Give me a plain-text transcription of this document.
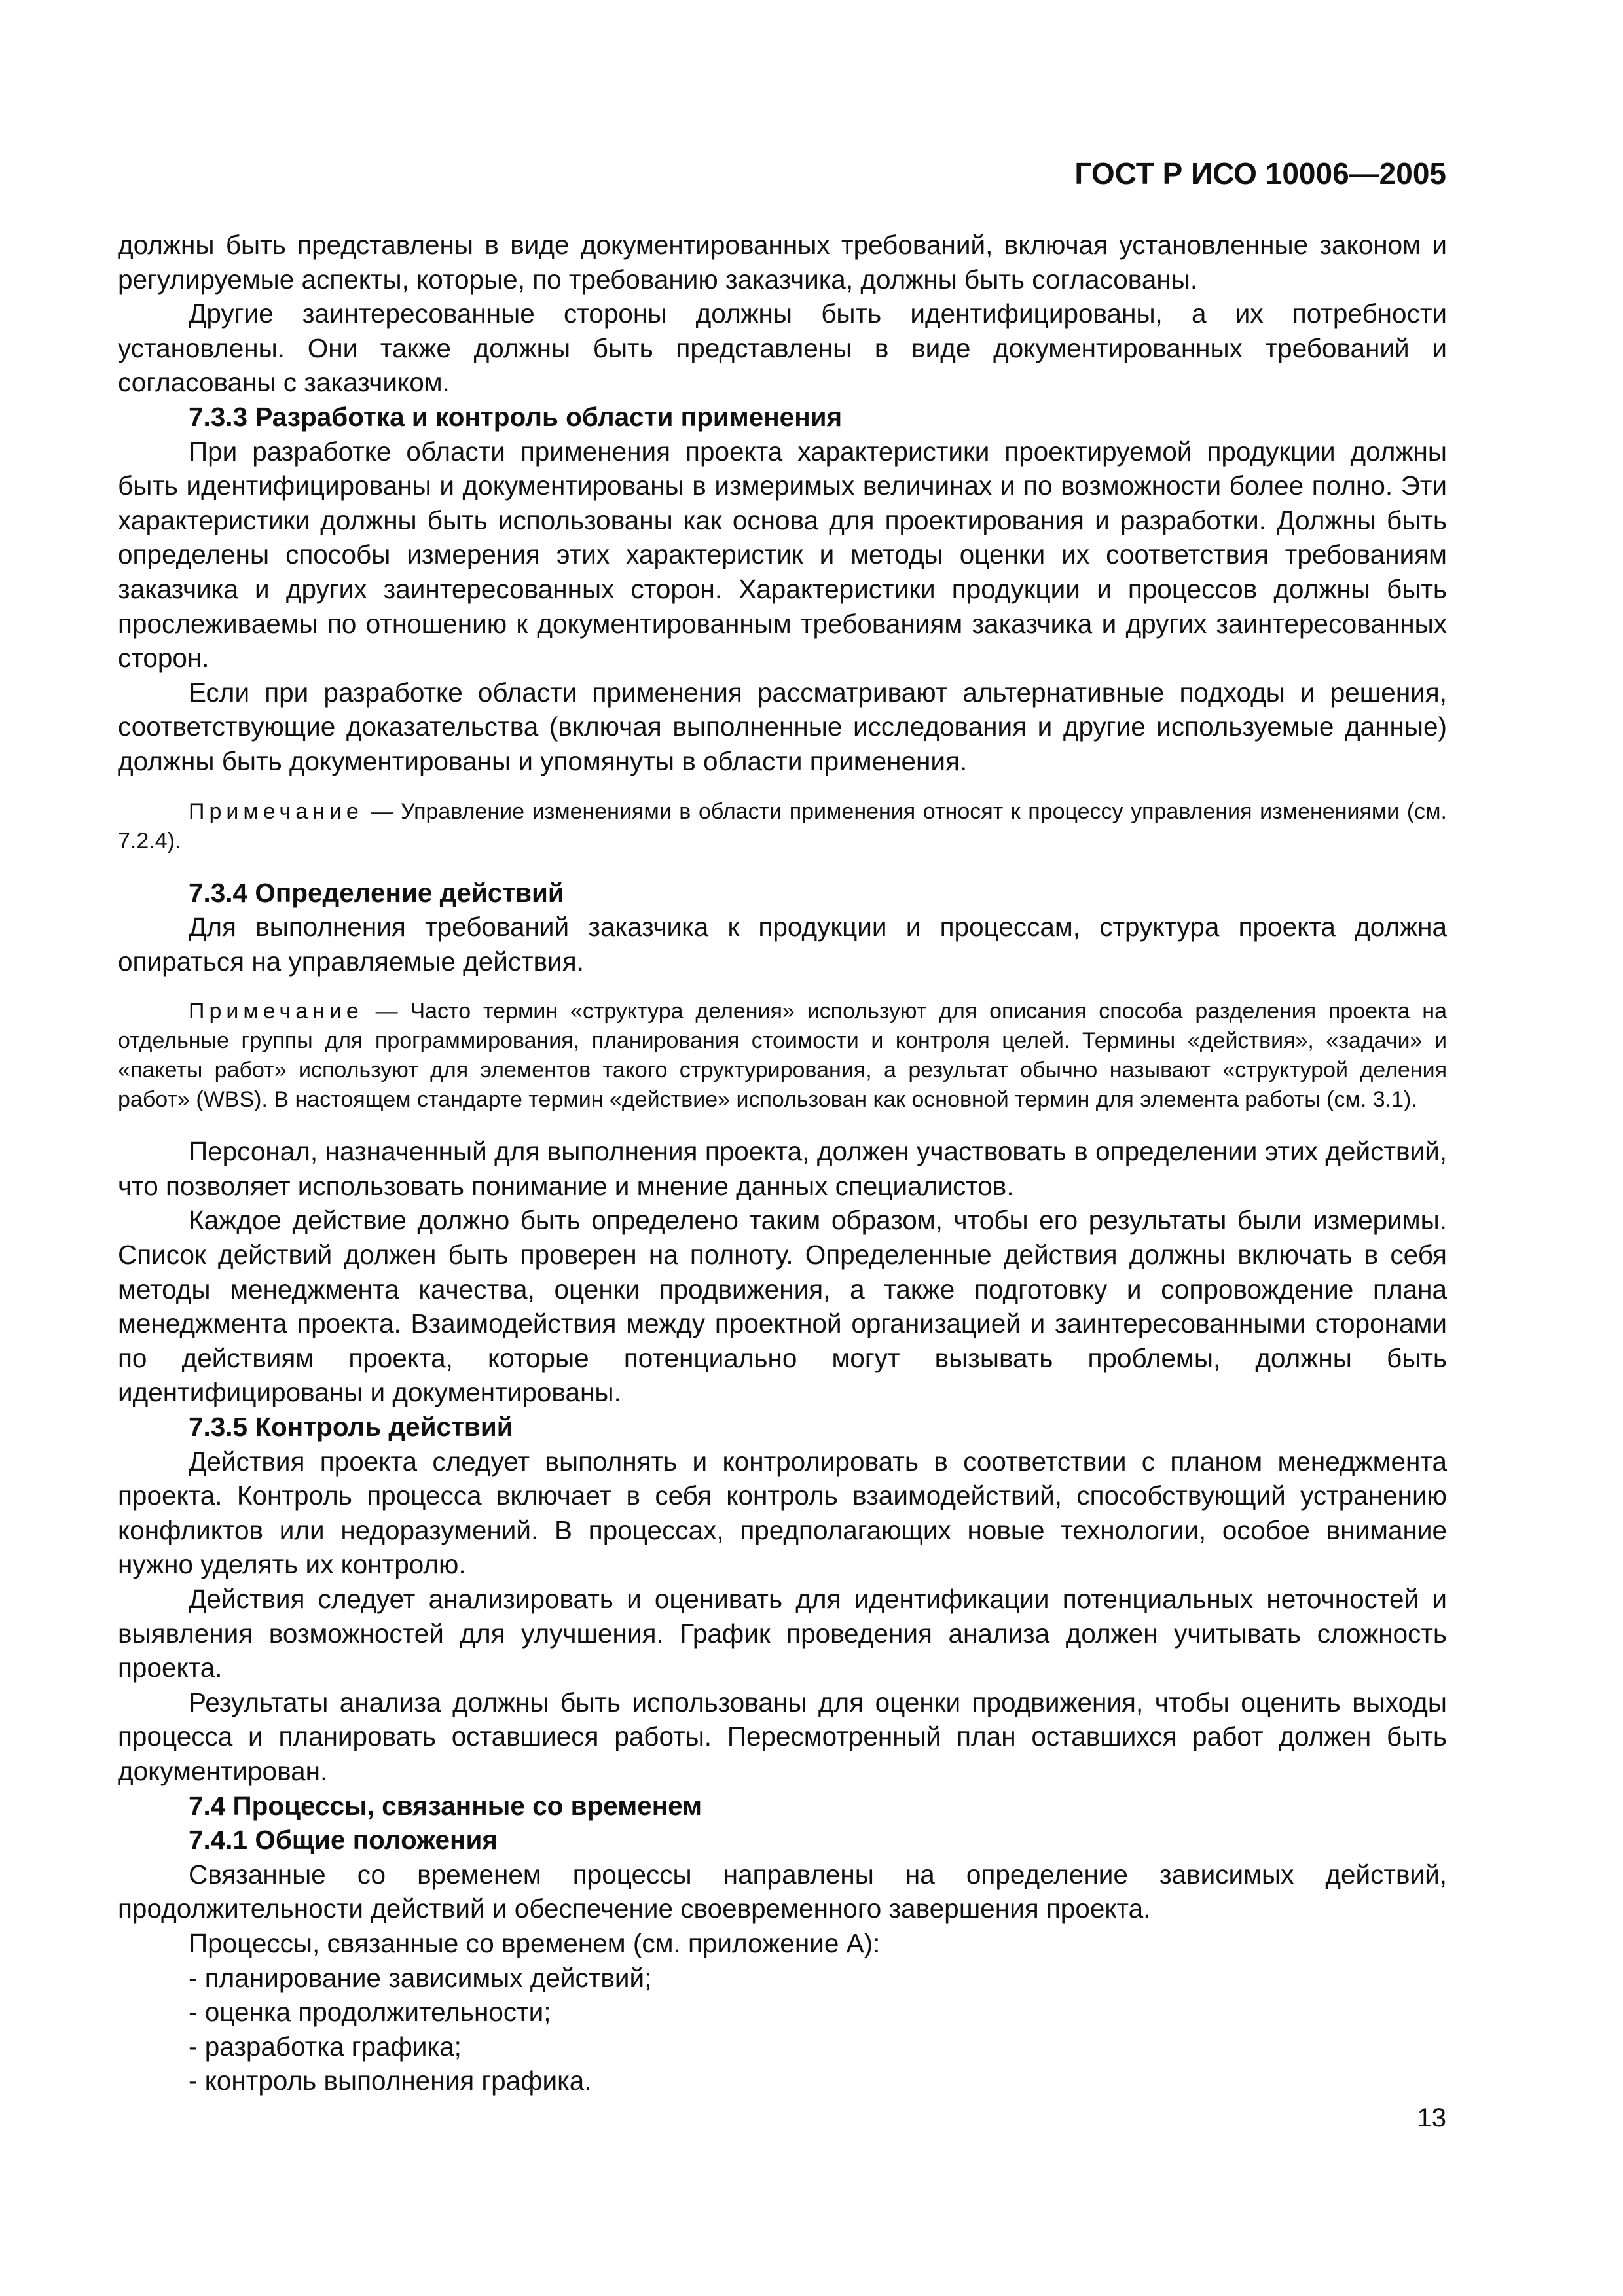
ГОСТ Р ИСО 10006—2005

должны быть представлены в виде документированных требований, включая установленные законом и регулируемые аспекты, которые, по требованию заказчика, должны быть согласованы.

Другие заинтересованные стороны должны быть идентифицированы, а их потребности установлены. Они также должны быть представлены в виде документированных требований и согласованы с заказчиком.

7.3.3 Разработка и контроль области применения

При разработке области применения проекта характеристики проектируемой продукции должны быть идентифицированы и документированы в измеримых величинах и по возможности более полно. Эти характеристики должны быть использованы как основа для проектирования и разработки. Должны быть определены способы измерения этих характеристик и методы оценки их соответствия требованиям заказчика и других заинтересованных сторон. Характеристики продукции и процессов должны быть прослеживаемы по отношению к документированным требованиям заказчика и других заинтересованных сторон.

Если при разработке области применения рассматривают альтернативные подходы и решения, соответствующие доказательства (включая выполненные исследования и другие используемые данные) должны быть документированы и упомянуты в области применения.

Примечание — Управление изменениями в области применения относят к процессу управления изменениями (см. 7.2.4).
7.3.4 Определение действий

Для выполнения требований заказчика к продукции и процессам, структура проекта должна опираться на управляемые действия.

Примечание — Часто термин «структура деления» используют для описания способа разделения проекта на отдельные группы для программирования, планирования стоимости и контроля целей. Термины «действия», «задачи» и «пакеты работ» используют для элементов такого структурирования, а результат обычно называют «структурой деления работ» (WBS). В настоящем стандарте термин «действие» использован как основной термин для элемента работы (см. 3.1).

Персонал, назначенный для выполнения проекта, должен участвовать в определении этих действий, что позволяет использовать понимание и мнение данных специалистов.

Каждое действие должно быть определено таким образом, чтобы его результаты были измеримы. Список действий должен быть проверен на полноту. Определенные действия должны включать в себя методы менеджмента качества, оценки продвижения, а также подготовку и сопровождение плана менеджмента проекта. Взаимодействия между проектной организацией и заинтересованными сторонами по действиям проекта, которые потенциально могут вызывать проблемы, должны быть идентифицированы и документированы.

7.3.5 Контроль действий

Действия проекта следует выполнять и контролировать в соответствии с планом менеджмента проекта. Контроль процесса включает в себя контроль взаимодействий, способствующий устранению конфликтов или недоразумений. В процессах, предполагающих новые технологии, особое внимание нужно уделять их контролю.

Действия следует анализировать и оценивать для идентификации потенциальных неточностей и выявления возможностей для улучшения. График проведения анализа должен учитывать сложность проекта.

Результаты анализа должны быть использованы для оценки продвижения, чтобы оценить выходы процесса и планировать оставшиеся работы. Пересмотренный план оставшихся работ должен быть документирован.

7.4 Процессы, связанные со временем
7.4.1 Общие положения

Связанные со временем процессы направлены на определение зависимых действий, продолжительности действий и обеспечение своевременного завершения проекта.

Процессы, связанные со временем (см. приложение А):

- планирование зависимых действий;
- оценка продолжительности;
- разработка графика;
- контроль выполнения графика.
13
